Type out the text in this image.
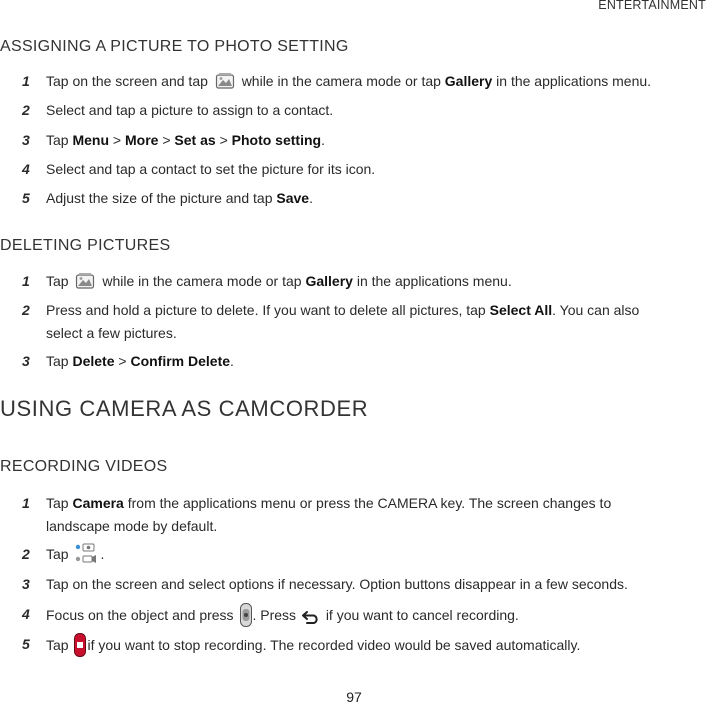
ENTERTAINMENT
ASSIGNING A PICTURE TO PHOTO SETTING
1 Tap on the screen and tap while in the camera mode or tap Gallery in the applications menu.
2 Select and tap a picture to assign to a contact.
3 Tap Menu > More > Set as > Photo setting.
4 Select and tap a contact to set the picture for its icon.
5 Adjust the size of the picture and tap Save.
DELETING PICTURES
1 Tap while in the camera mode or tap Gallery in the applications menu.
2 Press and hold a picture to delete. If you want to delete all pictures, tap Select All. You can also
select a few pictures.
3 Tap Delete > Confirm Delete.
USING CAMERA AS CAMCORDER
RECORDING VIDEOS
1 Tap Camera from the applications menu or press the CAMERA key. The screen changes to
landscape mode by default.
2 Tap .
3 Tap on the screen and select options if necessary. Option buttons disappear in a few seconds.
4 Focus on the object and press . Press if you want to cancel recording.
5 Tap if you want to stop recording. The recorded video would be saved automatically.
97
